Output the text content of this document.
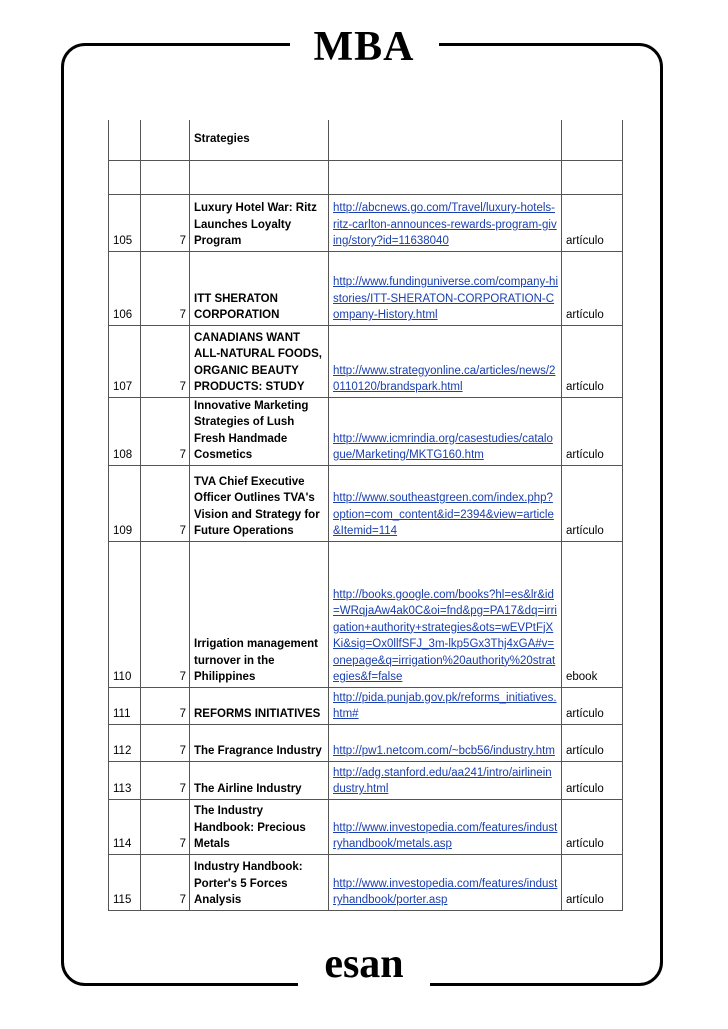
MBA
		Strategies		

105	7	Luxury Hotel War: Ritz Launches Loyalty Program	http://abcnews.go.com/Travel/luxury-hotels-ritz-carlton-announces-rewards-program-giving/story?id=11638040	artículo
106	7	ITT SHERATON CORPORATION	http://www.fundinguniverse.com/company-histories/ITT-SHERATON-CORPORATION-Company-History.html	artículo
107	7	CANADIANS WANT ALL-NATURAL FOODS, ORGANIC BEAUTY PRODUCTS: STUDY	http://www.strategyonline.ca/articles/news/20110120/brandspark.html	artículo
108	7	Innovative Marketing Strategies of Lush Fresh Handmade Cosmetics	http://www.icmrindia.org/casestudies/catalogue/Marketing/MKTG160.htm	artículo
109	7	TVA Chief Executive Officer Outlines TVA's Vision and Strategy for Future Operations	http://www.southeastgreen.com/index.php?option=com_content&id=2394&view=article&Itemid=114	artículo
110	7	Irrigation management turnover in the Philippines	http://books.google.com/books?hl=es&lr&id=WRqjaAw4ak0C&oi=fnd&pg=PA17&dq=irrigation+authority+strategies&ots=wEVPtFjXKi&sig=Ox0llfSFJ_3m-lkp5Gx3Thj4xGA#v=onepage&q=irrigation%20authority%20strategies&f=false	ebook
111	7	REFORMS INITIATIVES	http://pida.punjab.gov.pk/reforms_initiatives.htm#	artículo
112	7	The Fragrance Industry	http://pw1.netcom.com/~bcb56/industry.htm	artículo
113	7	The Airline Industry	http://adg.stanford.edu/aa241/intro/airlineindustry.html	artículo
114	7	The Industry Handbook: Precious Metals	http://www.investopedia.com/features/industryhandbook/metals.asp	artículo
115	7	Industry Handbook: Porter's 5 Forces Analysis	http://www.investopedia.com/features/industryhandbook/porter.asp	artículo
esan
